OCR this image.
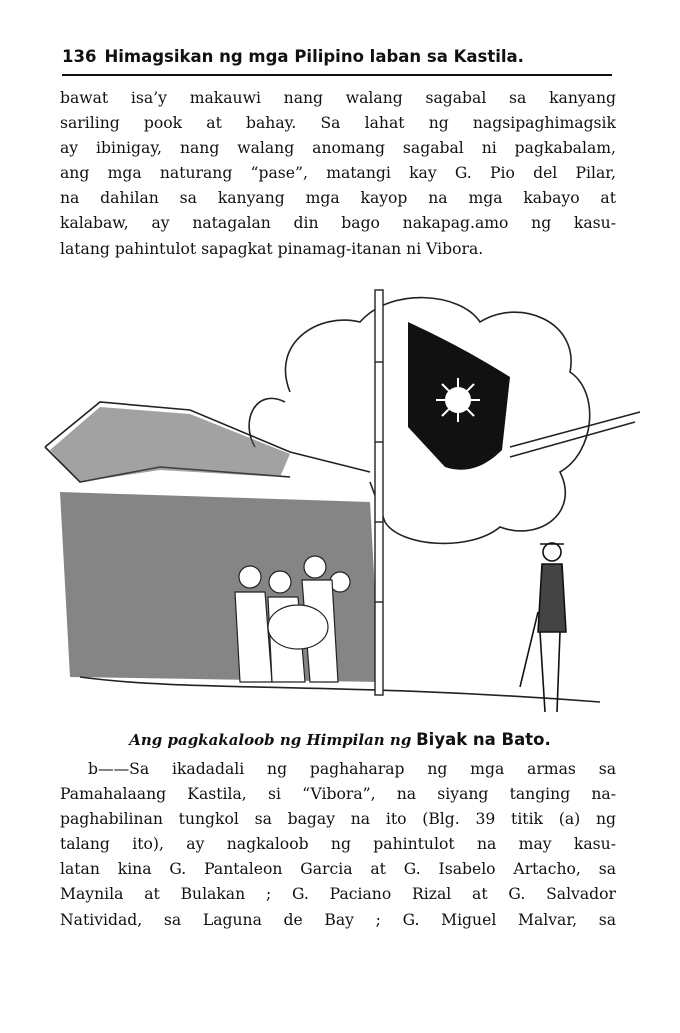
136 Himagsikan ng mga Pilipino laban sa Kastila.
bawat isa’y makauwi nang walang sagabal sa kanyang
sariling pook at bahay. Sa lahat ng nagsipaghimagsik
ay ibinigay, nang walang anomang sagabal ni pagkabalam,
ang mga naturang “pase”, matangi kay G. Pio del Pilar,
na dahilan sa kanyang mga kayop na mga kabayo at
kalabaw, ay natagalan din bago nakapag.amo ng kasu-
latang pahintulot sapagkat pinamag-itanan ni Vibora.
Ang pagkakaloob ng Himpilan ng Biyak na Bato.
b——Sa ikadadali ng paghaharap ng mga armas sa
Pamahalaang Kastila, si “Vibora”, na siyang tanging na-
paghabilinan tungkol sa bagay na ito (Blg. 39 titik (a) ng
talang ito), ay nagkaloob ng pahintulot na may kasu-
latan kina G. Pantaleon Garcia at G. Isabelo Artacho, sa
Maynila at Bulakan ; G. Paciano Rizal at G. Salvador
Natividad, sa Laguna de Bay ; G. Miguel Malvar, sa
